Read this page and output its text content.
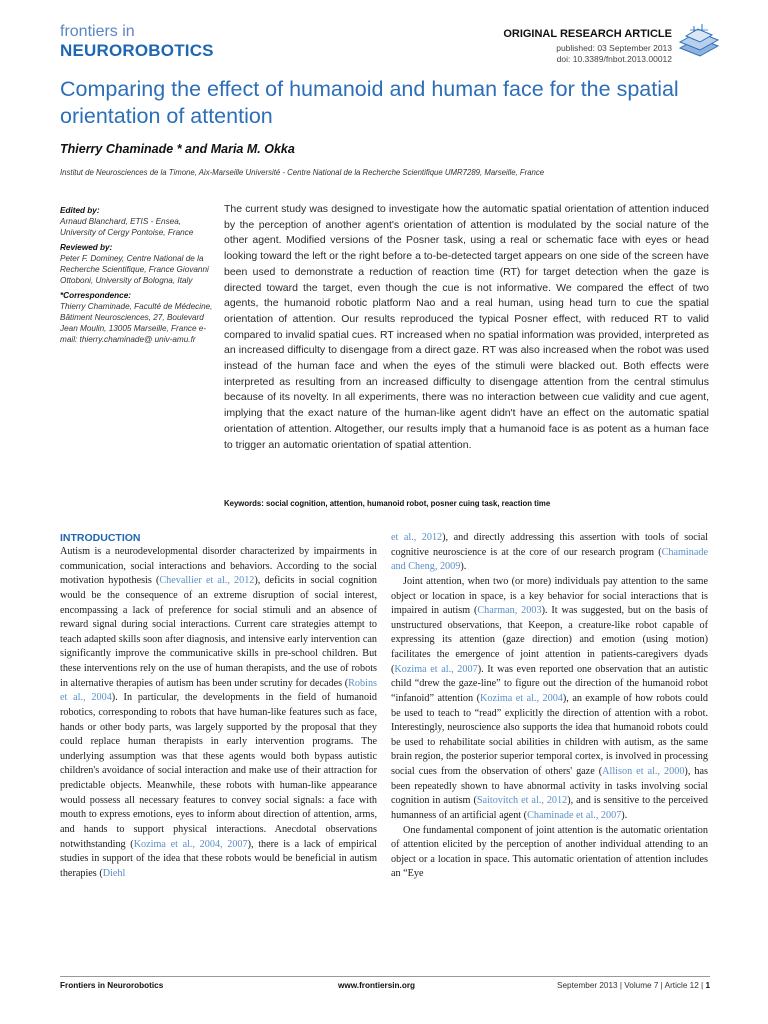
frontiers in
NEUROROBOTICS
ORIGINAL RESEARCH ARTICLE
published: 03 September 2013
doi: 10.3389/fnbot.2013.00012
Comparing the effect of humanoid and human face for the spatial orientation of attention
Thierry Chaminade * and Maria M. Okka
Institut de Neurosciences de la Timone, Aix-Marseille Université - Centre National de la Recherche Scientifique UMR7289, Marseille, France
Edited by:
Arnaud Blanchard, ETIS - Ensea, University of Cergy Pontoise, France
Reviewed by:
Peter F. Dominey, Centre National de la Recherche Scientifique, France Giovanni Ottoboni, University of Bologna, Italy
*Correspondence:
Thierry Chaminade, Faculté de Médecine, Bâtiment Neurosciences, 27, Boulevard Jean Moulin, 13005 Marseille, France e-mail: thierry.chaminade@ univ-amu.fr
The current study was designed to investigate how the automatic spatial orientation of attention induced by the perception of another agent's orientation of attention is modulated by the social nature of the other agent. Modified versions of the Posner task, using a real or schematic face with eyes or head looking toward the left or the right before a to-be-detected target appears on one side of the screen have been used to demonstrate a reduction of reaction time (RT) for target detection when the gaze is directed toward the target, even though the cue is not informative. We compared the effect of two agents, the humanoid robotic platform Nao and a real human, using head turn to cue the spatial orientation of attention. Our results reproduced the typical Posner effect, with reduced RT to valid compared to invalid spatial cues. RT increased when no spatial information was provided, interpreted as an increased difficulty to disengage from a direct gaze. RT was also increased when the robot was used instead of the human face and when the eyes of the stimuli were blacked out. Both effects were interpreted as resulting from an increased difficulty to disengage attention from the central stimulus because of its novelty. In all experiments, there was no interaction between cue validity and cue agent, implying that the exact nature of the human-like agent didn't have an effect on the automatic spatial orientation of attention. Altogether, our results imply that a humanoid face is as potent as a human face to trigger an automatic orientation of spatial attention.
Keywords: social cognition, attention, humanoid robot, posner cuing task, reaction time
INTRODUCTION

Autism is a neurodevelopmental disorder characterized by impairments in communication, social interactions and behaviors. According to the social motivation hypothesis (Chevallier et al., 2012), deficits in social cognition would be the consequence of an extreme disruption of social interest, encompassing a lack of preference for social stimuli and an absence of reward signal during social interactions. Current care strategies attempt to teach adapted skills soon after diagnosis, and intensive early intervention can significantly improve the communicative skills in pre-school children. But these interventions rely on the use of human therapists, and the use of robots in alternative therapies of autism has been under scrutiny for decades (Robins et al., 2004). In particular, the developments in the field of humanoid robotics, corresponding to robots that have human-like features such as face, hands or other body parts, was largely supported by the proposal that they could replace human therapists in early intervention programs. The underlying assumption was that these agents would both bypass autistic children's avoidance of social interaction and make use of their attraction for predictable objects. Meanwhile, these robots with human-like appearance would possess all necessary features to convey social signals: a face with mouth to express emotions, eyes to inform about direction of attention, arms, and hands to support physical interactions. Anecdotal observations notwithstanding (Kozima et al., 2004, 2007), there is a lack of empirical studies in support of the idea that these robots would be beneficial in autism therapies (Diehl

et al., 2012), and directly addressing this assertion with tools of social cognitive neuroscience is at the core of our research program (Chaminade and Cheng, 2009).

Joint attention, when two (or more) individuals pay attention to the same object or location in space, is a key behavior for social interactions that is impaired in autism (Charman, 2003). It was suggested, but on the basis of unstructured observations, that Keepon, a creature-like robot capable of expressing its attention (gaze direction) and emotion (using motion) facilitates the emergence of joint attention in patients-caregivers dyads (Kozima et al., 2007). It was even reported one observation that an autistic child “drew the gaze-line” to figure out the direction of the humanoid robot “infanoid” attention (Kozima et al., 2004), an example of how robots could be used to teach to “read” explicitly the direction of attention with a robot. Interestingly, neuroscience also supports the idea that humanoid robots could be used to rehabilitate social abilities in children with autism, as the same brain region, the posterior superior temporal cortex, is involved in processing social cues from the observation of others' gaze (Allison et al., 2000), has been repeatedly shown to have abnormal activity in tasks involving social cognition in autism (Saitovitch et al., 2012), and is sensitive to the perceived humanness of an artificial agent (Chaminade et al., 2007).

One fundamental component of joint attention is the automatic orientation of attention elicited by the perception of another individual attending to an object or a location in space. This automatic orientation of attention includes an “Eye

Frontiers in Neurorobotics	www.frontiersin.org	September 2013 | Volume 7 | Article 12 | 1
